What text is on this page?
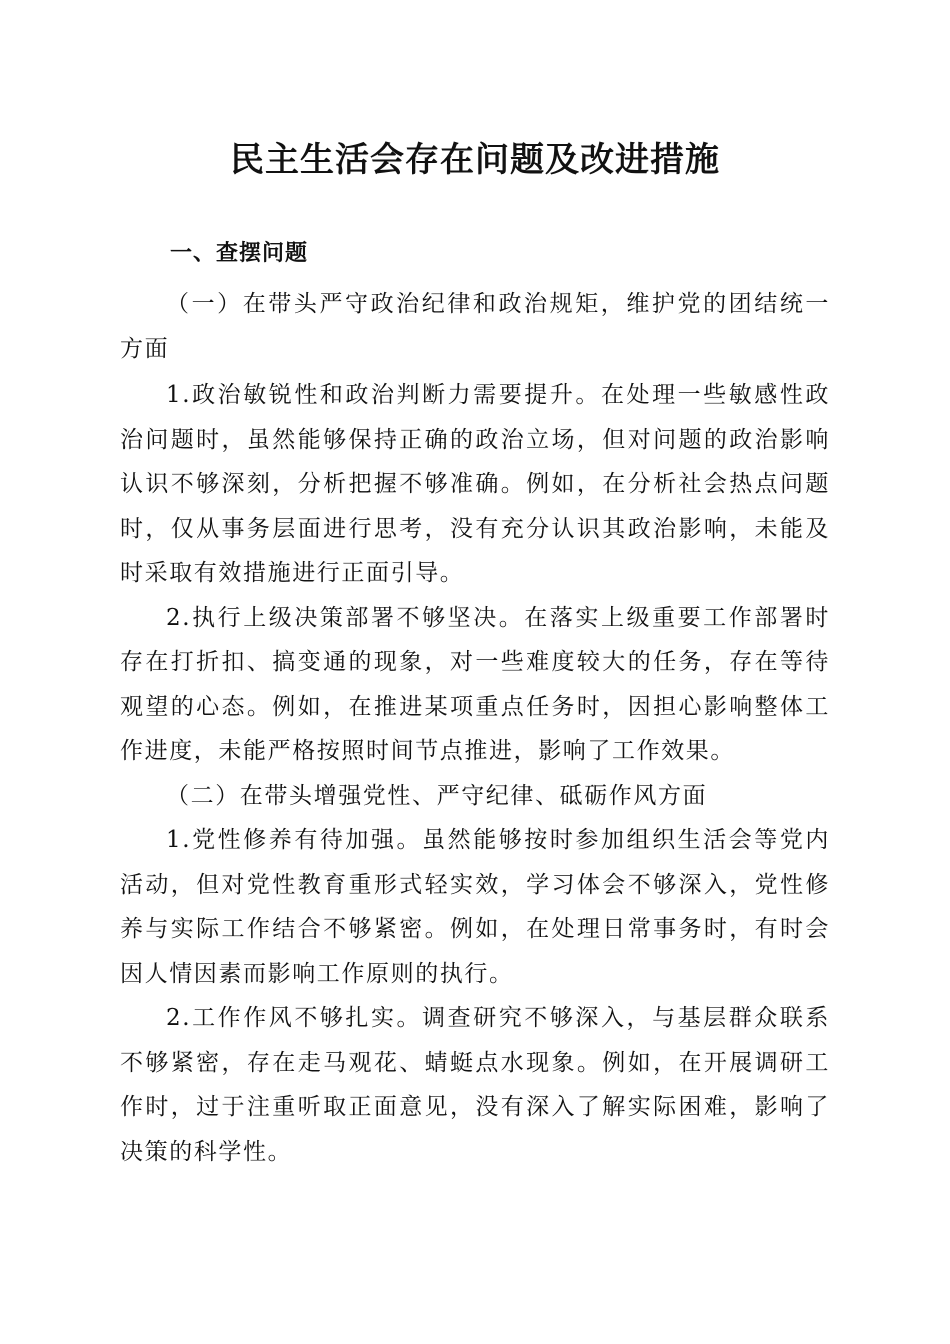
民主生活会存在问题及改进措施
一、查摆问题

（一）在带头严守政治纪律和政治规矩，维护党的团结统一方面

1.政治敏锐性和政治判断力需要提升。在处理一些敏感性政治问题时，虽然能够保持正确的政治立场，但对问题的政治影响认识不够深刻，分析把握不够准确。例如，在分析社会热点问题时，仅从事务层面进行思考，没有充分认识其政治影响，未能及时采取有效措施进行正面引导。

2.执行上级决策部署不够坚决。在落实上级重要工作部署时存在打折扣、搞变通的现象，对一些难度较大的任务，存在等待观望的心态。例如，在推进某项重点任务时，因担心影响整体工作进度，未能严格按照时间节点推进，影响了工作效果。

（二）在带头增强党性、严守纪律、砥砺作风方面

1.党性修养有待加强。虽然能够按时参加组织生活会等党内活动，但对党性教育重形式轻实效，学习体会不够深入，党性修养与实际工作结合不够紧密。例如，在处理日常事务时，有时会因人情因素而影响工作原则的执行。

2.工作作风不够扎实。调查研究不够深入，与基层群众联系不够紧密，存在走马观花、蜻蜓点水现象。例如，在开展调研工作时，过于注重听取正面意见，没有深入了解实际困难，影响了决策的科学性。
